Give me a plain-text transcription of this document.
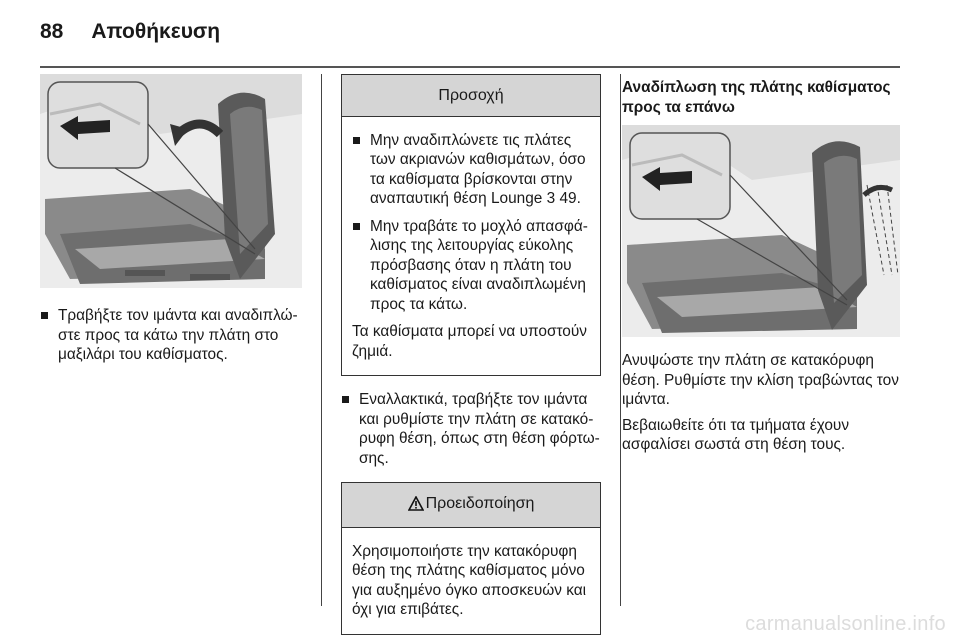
88 Αποθήκευση
Τραβήξτε τον ιμάντα και αναδιπλώ-στε προς τα κάτω την πλάτη στο μαξιλάρι του καθίσματος.
Προσοχή
Μην αναδιπλώνετε τις πλάτες των ακριανών καθισμάτων, όσο τα καθίσματα βρίσκονται στην αναπαυτική θέση Lounge 3 49.
Μην τραβάτε το μοχλό απασφά-λισης της λειτουργίας εύκολης πρόσβασης όταν η πλάτη του καθίσματος είναι αναδιπλωμένη προς τα κάτω.

Τα καθίσματα μπορεί να υποστούν ζημιά.

Εναλλακτικά, τραβήξτε τον ιμάντα και ρυθμίστε την πλάτη σε κατακό-ρυφη θέση, όπως στη θέση φόρτω-σης.
Προειδοποίηση

Χρησιμοποιήστε την κατακόρυφη θέση της πλάτης καθίσματος μόνο για αυξημένο όγκο αποσκευών και όχι για επιβάτες.

Αναδίπλωση της πλάτης καθίσματος προς τα επάνω

Ανυψώστε την πλάτη σε κατακόρυφη θέση. Ρυθμίστε την κλίση τραβώντας τον ιμάντα.

Βεβαιωθείτε ότι τα τμήματα έχουν ασφαλίσει σωστά στη θέση τους.

carmanualsonline.info
